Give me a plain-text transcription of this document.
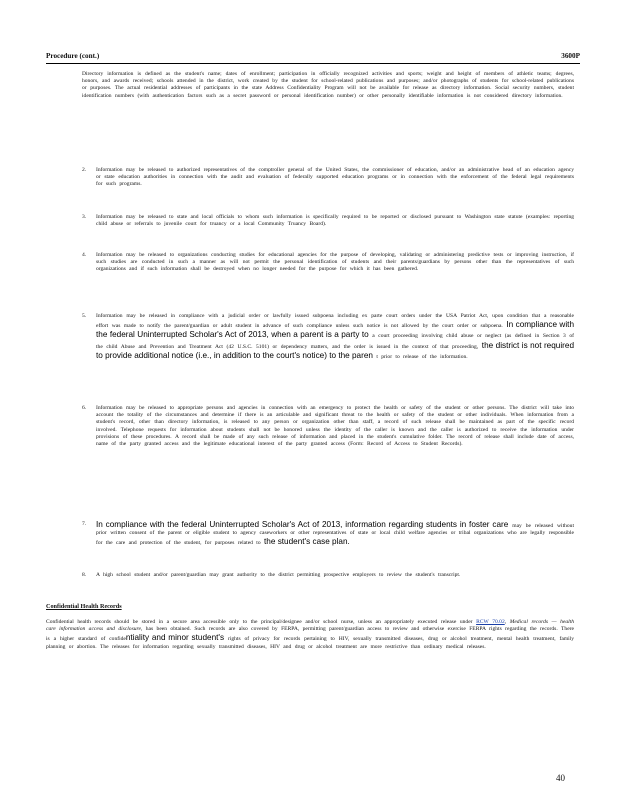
Procedure (cont.)	3600P
Directory information is defined as the student's name; dates of enrollment; participation in officially recognized activities and sports; weight and height of members of athletic teams; degrees, honors, and awards received; schools attended in the district, work created by the student for school-related publications and purposes; and/or photographs of students for school-related publications or purposes. The actual residential addresses of participants in the state Address Confidentiality Program will not be available for release as directory information. Social security numbers, student identification numbers (with authentication factors such as a secret password or personal identification number) or other personally identifiable information is not considered directory information.
2. Information may be released to authorized representatives of the comptroller general of the United States, the commissioner of education, and/or an administrative head of an education agency or state education authorities in connection with the audit and evaluation of federally supported education programs or in connection with the enforcement of the federal legal requirements for such programs.
3. Information may be released to state and local officials to whom such information is specifically required to be reported or disclosed pursuant to Washington state statute (examples: reporting child abuse or referrals to juvenile court for truancy or a local Community Truancy Board).
4. Information may be released to organizations conducting studies for educational agencies for the purpose of developing, validating or administering predictive tests or improving instruction, if such studies are conducted in such a manner as will not permit the personal identification of students and their parents/guardians by persons other than the representatives of such organizations and if such information shall be destroyed when no longer needed for the purpose for which it has been gathered.
5. Information may be released in compliance with a judicial order or lawfully issued subpoena including ex parte court orders under the USA Patriot Act, upon condition that a reasonable effort was made to notify the parent/guardian or adult student in advance of such compliance unless such notice is not allowed by the court order or subpoena. In compliance with the federal Uninterrupted Scholar's Act of 2013, when a parent is a party to a court proceeding involving child abuse or neglect (as defined in Section 3 of the child Abuse and Prevention and Treatment Act (42 U.S.C. 5101) or dependency matters, and the order is issued in the context of that proceeding, the district is not required to provide additional notice (i.e., in addition to the court's notice) to the paren t prior to release of the information.
6. Information may be released to appropriate persons and agencies in connection with an emergency to protect the health or safety of the student or other persons. The district will take into account the totality of the circumstances and determine if there is an articulable and significant threat to the health or safety of the student or other individuals. When information from a student's record, other than directory information, is released to any person or organization other than staff, a record of such release shall be maintained as part of the specific record involved. Telephone requests for information about students shall not be honored unless the identity of the caller is known and the caller is authorized to receive the information under provisions of these procedures. A record shall be made of any such release of information and placed in the student's cumulative folder. The record of release shall include date of access, name of the party granted access and the legitimate educational interest of the party granted access (Form: Record of Access to Student Records).
7. In compliance with the federal Uninterrupted Scholar's Act of 2013, information regarding students in foster care may be released without prior written consent of the parent or eligible student to agency caseworkers or other representatives of state or local child welfare agencies or tribal organizations who are legally responsible for the care and protection of the student, for purposes related to the student's case plan.
8. A high school student and/or parent/guardian may grant authority to the district permitting prospective employers to review the student's transcript.
Confidential Health Records
Confidential health records should be stored in a secure area accessible only to the principal/designee and/or school nurse, unless an appropriately executed release under RCW 70.02, Medical records — health care information access and disclosure, has been obtained. Such records are also covered by FERPA, permitting parent/guardian access to review and otherwise exercise FERPA rights regarding the records. There is a higher standard of confidentiality and minor student's rights of privacy for records pertaining to HIV, sexually transmitted diseases, drug or alcohol treatment, mental health treatment, family planning or abortion. The releases for information regarding sexually transmitted diseases, HIV and drug or alcohol treatment are more restrictive than ordinary medical releases.
40
